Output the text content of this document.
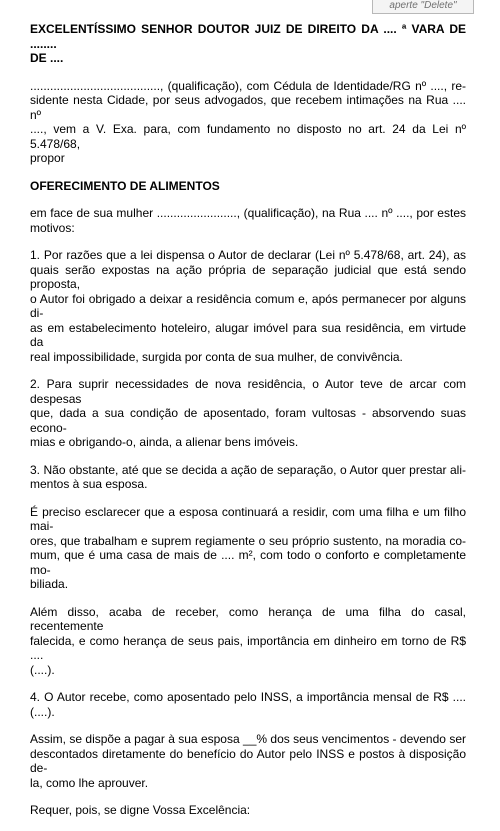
aperte "Delete"

EXCELENTÍSSIMO SENHOR DOUTOR JUIZ DE DIREITO DA .... ª VARA DE ........
DE ....

......................................., (qualificação), com Cédula de Identidade/RG nº ...., re-
sidente nesta Cidade, por seus advogados, que recebem intimações na Rua .... nº
...., vem a V. Exa. para, com fundamento no disposto no art. 24 da Lei nº 5.478/68,
propor

OFERECIMENTO DE ALIMENTOS

em face de sua mulher ........................, (qualificação), na Rua .... nº ...., por estes
motivos:

1. Por razões que a lei dispensa o Autor de declarar (Lei nº 5.478/68, art. 24), as
quais serão expostas na ação própria de separação judicial que está sendo proposta,
o Autor foi obrigado a deixar a residência comum e, após permanecer por alguns di-
as em estabelecimento hoteleiro, alugar imóvel para sua residência, em virtude da
real impossibilidade, surgida por conta de sua mulher, de convivência.

2. Para suprir necessidades de nova residência, o Autor teve de arcar com despesas
que, dada a sua condição de aposentado, foram vultosas - absorvendo suas econo-
mias e obrigando-o, ainda, a alienar bens imóveis.

3. Não obstante, até que se decida a ação de separação, o Autor quer prestar ali-
mentos à sua esposa.

É preciso esclarecer que a esposa continuará a residir, com uma filha e um filho mai-
ores, que trabalham e suprem regiamente o seu próprio sustento, na moradia co-
mum, que é uma casa de mais de .... m², com todo o conforto e completamente mo-
biliada.

Além disso, acaba de receber, como herança de uma filha do casal, recentemente
falecida, e como herança de seus pais, importância em dinheiro em torno de R$ ....
(....).

4. O Autor recebe, como aposentado pelo INSS, a importância mensal de R$ .... (....).

Assim, se dispõe a pagar à sua esposa __% dos seus vencimentos - devendo ser
descontados diretamente do benefício do Autor pelo INSS e postos à disposição de-
la, como lhe aprouver.

Requer, pois, se digne Vossa Excelência:
